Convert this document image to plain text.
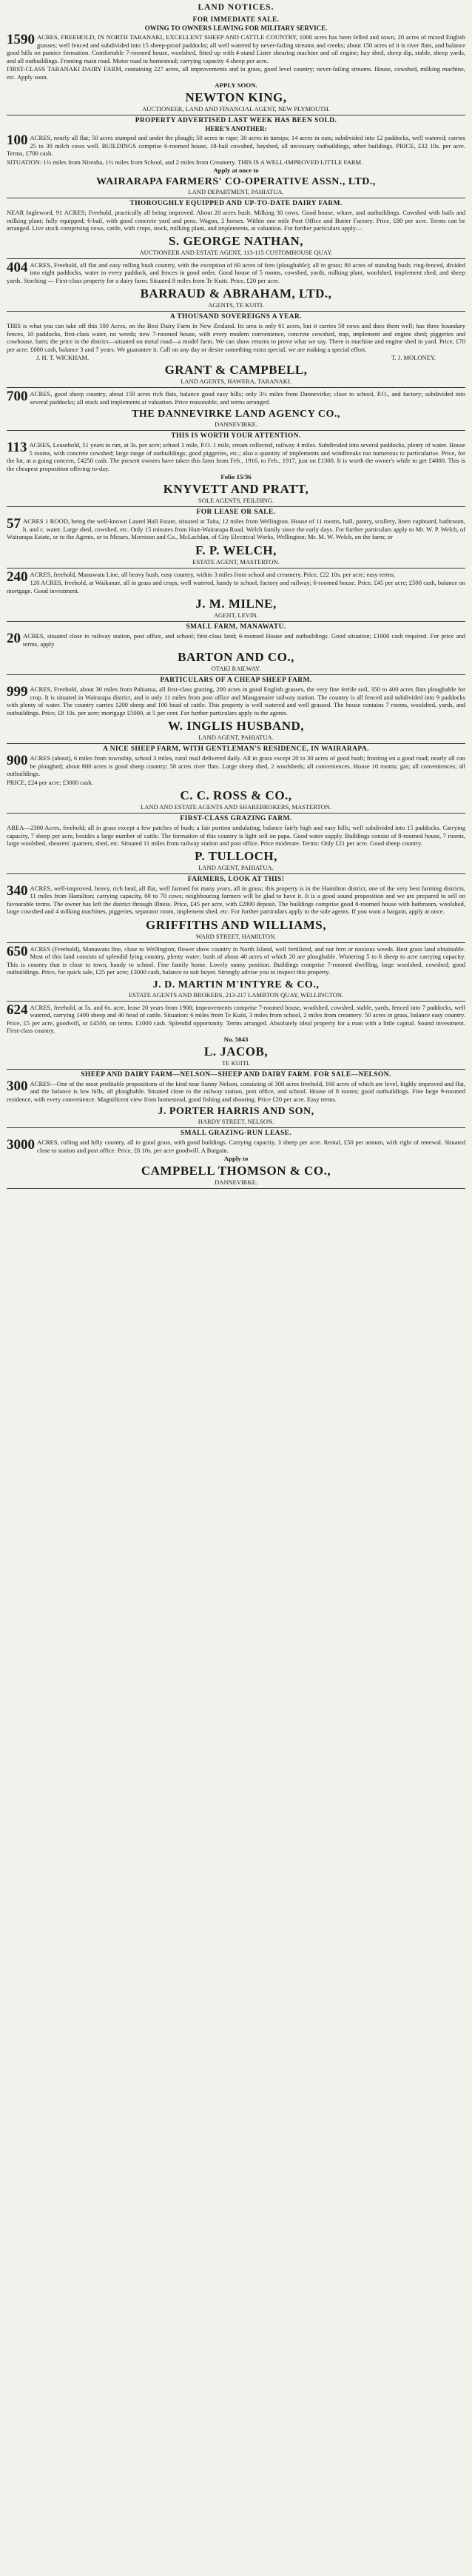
LAND NOTICES.
FOR IMMEDIATE SALE.
OWING TO OWNERS LEAVING FOR MILITARY SERVICE.
1590 ACRES, FREEHOLD, IN NORTH TARANAKI, EXCELLENT SHEEP AND CATTLE COUNTRY, 1000 acres has been felled and sown, 20 acres of mixed English grasses; well fenced and subdivided into 15 sheep-proof paddocks; all well watered by never-failing streams and creeks; about 150 acres of it is river flats, and balance good hills on pumice formation. Comfortable 7-roomed house, woolshed, fitted up with 4-stand Lister shearing machine and oil engine; hay shed, sheep dip, stable, sheep yards, and all outbuildings. Fronting main road. Motor road to homestead; carrying capacity 4 sheep per acre.
FIRST-CLASS TARANAKI DAIRY FARM, containing 227 acres, all improvements and in grass, good level country; never-failing streams. House, cowshed, milking machine, etc. Apply soon.
APPLY SOON.
NEWTON KING,
AUCTIONEER, LAND AND FINANCIAL AGENT, NEW PLYMOUTH.
PROPERTY ADVERTISED LAST WEEK HAS BEEN SOLD.
HERE'S ANOTHER:
100 ACRES, nearly all flat; 50 acres stumped and under the plough; 50 acres in rape; 30 acres in turnips; 14 acres in oats; subdivided into 12 paddocks, well watered; carries 25 to 30 milch cows well. BUILDINGS comprise 6-roomed house, 18-bail cowshed, hayshed, all necessary outbuildings, other buildings. PRICE, £32 10s. per acre. Terms, £700 cash.
SITUATION: 1½ miles from Nireaha, 1½ miles from School, and 2 miles from Creamery. THIS IS A WELL-IMPROVED LITTLE FARM.
Apply at once to
WAIRARAPA FARMERS' CO-OPERATIVE ASSN., LTD.,
LAND DEPARTMENT, PAHIATUA.
THOROUGHLY EQUIPPED AND UP-TO-DATE DAIRY FARM.
NEAR Ingleword, 91 ACRES; Freehold, practically all being improved. About 20 acres bush. Milking 30 cows. Good house, whare, and outbuildings. Cowshed with bails and milking plant; fully equipped; 6-bail, with good concrete yard and pens. Wagon, 2 horses. Within one mile Post Office and Butter Factory. Price, £80 per acre. Terms can be arranged. Live stock comprising cows, cattle, with crops, stock, milking plant, and implements, at valuation. For further particulars apply—
S. GEORGE NATHAN,
AUCTIONEER AND ESTATE AGENT, 113-115 CUSTOMHOUSE QUAY.
404 ACRES, Freehold, all flat and easy rolling bush country, with the exception of 60 acres of fern (ploughable); all in grass; 80 acres of standing bush; ring-fenced, divided into eight paddocks, water in every paddock, and fences in good order. Good house of 5 rooms, cowshed, yards, milking plant, woolshed, implement shed, and sheep yards. Stocking — First-class property for a dairy farm. Situated 8 miles from Te Kuiti. Price, £20 per acre.
BARRAUD & ABRAHAM, LTD.,
AGENTS, TE KUITI.
A THOUSAND SOVEREIGNS A YEAR.
THIS is what you can take off this 100 Acres, on the Best Dairy Farm in New Zealand. Its area is only 61 acres, but it carries 50 cows and does them well; has three boundary fences, 10 paddocks, first-class water, no weeds; new 7-roomed house, with every modern convenience, concrete cowshed, trap, implement and engine shed; piggeries and cowhouse, barn; the price in the district—situated on metal road—a model farm. We can show returns to prove what we say. There is machine and engine shed in yard. Price, £70 per acre; £600 cash, balance 3 and 7 years. We guarantee it. Call on any day or desire something extra special, we are making a special effort.
J. H. T. WICKHAM.	T. J. MOLONEY.
GRANT & CAMPBELL,
LAND AGENTS, HAWERA, TARANAKI.
700 ACRES, good sheep country, about 150 acres rich flats, balance good easy hills; only 3½ miles from Dannevirke; close to school, P.O., and factory; subdivided into several paddocks; all stock and implements at valuation. Price reasonable, and terms arranged.
THE DANNEVIRKE LAND AGENCY CO.,
DANNEVIRKE.
THIS IS WORTH YOUR ATTENTION.
113 ACRES, Leasehold, 51 years to run, at 3s. per acre; school 1 mile, P.O. 1 mile, cream collected, railway 4 miles. Subdivided into several paddocks, plenty of water. House 5 rooms, with concrete cowshed; large range of outbuildings; good piggeries, etc.; also a quantity of implements and windbreaks too numerous to particularise. Price, for the lot, at a going concern, £4250 cash. The present owners have taken this farm from Feb., 1916, to Feb., 1917, just on £1300. It is worth the owner's while to get £4000. This is the cheapest proposition offering to-day.
Folio 15/36
KNYVETT AND PRATT,
SOLE AGENTS, FEILDING.
FOR LEASE OR SALE.
57 ACRES 1 ROOD, being the well-known Laurel Hall Estate, situated at Taita, 12 miles from Wellington. House of 11 rooms, hall, pantry, scullery, linen cupboard, bathroom, h. and c. water. Large shed, cowshed, etc. Only 15 minutes from Hutt-Wairarapa Road. Welch family since the early days. For further particulars apply to Mr. W. P. Welch, of Wairarapa Estate, or to the Agents, or to Messrs. Morrison and Co., McLachlan, of City Electrical Works, Wellington; Mr. M. W. Welch, on the farm; or
F. P. WELCH,
ESTATE AGENT, MASTERTON.
240 ACRES, freehold, Manawatu Line, all heavy bush, easy country, within 3 miles from school and creamery. Price, £22 10s. per acre; easy terms.
120 ACRES, freehold, at Waikanae, all in grass and crops, well watered, handy to school, factory and railway; 6-roomed house. Price, £45 per acre; £500 cash, balance on mortgage. Good investment.
J. M. MILNE,
AGENT, LEVIN.
SMALL FARM, MANAWATU.
20 ACRES, situated close to railway station, post office, and school; first-class land; 6-roomed House and outbuildings. Good situation; £1000 cash required. For price and terms, apply
BARTON AND CO.,
OTAKI RAILWAY.
PARTICULARS OF A CHEAP SHEEP FARM.
999 ACRES, Freehold, about 30 miles from Pahiatua, all first-class grazing, 200 acres in good English grasses, the very fine fertile soil, 350 to 400 acres flats ploughable for crop. It is situated in Wairarapa district, and is only 11 miles from post office and Mangamaire railway station. The country is all fenced and subdivided into 9 paddocks with plenty of water. The country carries 1200 sheep and 100 head of cattle. This property is well watered and well grassed. The house contains 7 rooms, woolshed, yards, and outbuildings. Price, £8 10s. per acre; mortgage £5000, at 5 per cent. For further particulars apply to the agents.
W. INGLIS HUSBAND,
LAND AGENT, PAHIATUA.
A NICE SHEEP FARM, WITH GENTLEMAN'S RESIDENCE, IN WAIRARAPA.
900 ACRES (about), 6 miles from township, school 3 miles, rural mail delivered daily. All in grass except 20 to 30 acres of good bush; fronting on a good road; nearly all can be ploughed; about 800 acres is good sheep country; 50 acres river flats. Large sheep shed, 2 woolsheds; all conveniences. House 10 rooms; gas; all conveniences; all outbuildings.
PRICE, £24 per acre; £3000 cash.
C. C. ROSS & CO.,
LAND AND ESTATE AGENTS AND SHAREBROKERS, MASTERTON.
FIRST-CLASS GRAZING FARM.
AREA—2300 Acres, freehold; all in grass except a few patches of bush; a fair portion undulating, balance fairly high and easy hills; well subdivided into 15 paddocks. Carrying capacity, 7 sheep per acre, besides a large number of cattle. The formation of this country is light soil on papa. Good water supply. Buildings consist of 8-roomed house, 7 rooms, large woolshed, shearers' quarters, shed, etc. Situated 11 miles from railway station and post office. Price moderate. Terms: Only £21 per acre. Good sheep country.
P. TULLOCH,
LAND AGENT, PAHIATUA.
FARMERS, LOOK AT THIS!
340 ACRES, well-improved, heavy, rich land, all flat, well farmed for many years, all in grass; this property is in the Hamilton district, one of the very best farming districts, 11 miles from Hamilton; carrying capacity, 60 to 70 cows; neighbouring farmers will be glad to have it. It is a good sound proposition and we are prepared to sell on favourable terms. The owner has left the district through illness. Price, £45 per acre, with £2000 deposit. The buildings comprise good 8-roomed house with bathroom, woolshed, large cowshed and 4 milking machines, piggeries, separator room, implement shed, etc. For further particulars apply to the sole agents. If you want a bargain, apply at once.
GRIFFITHS AND WILLIAMS,
WARD STREET, HAMILTON.
650 ACRES (Freehold), Manawatu line, close to Wellington; flower show country in North Island, well fertilized, and not fern or noxious weeds. Best grass land obtainable. Most of this land consists of splendid lying country, plenty water; bush of about 40 acres of which 20 are ploughable. Wintering 5 to 6 sheep to acre carrying capacity. This is country that is close to town, handy to school. Fine family home. Lovely sunny position. Buildings comprise 7-roomed dwelling, large woolshed, cowshed; good outbuildings. Price, for quick sale, £25 per acre; £3000 cash, balance to suit buyer. Strongly advise you to inspect this property.
J. D. MARTIN M'INTYRE & CO.,
ESTATE AGENTS AND BROKERS, 213-217 LAMBTON QUAY, WELLINGTON.
624 ACRES, freehold, at 5s. and 6s. acre, lease 20 years from 1908; improvements comprise 7-roomed house, woolshed, cowshed, stable, yards, fenced into 7 paddocks, well watered, carrying 1400 sheep and 40 head of cattle. Situation: 6 miles from Te Kuiti, 3 miles from school, 2 miles from creamery. 50 acres in grass, balance easy country. Price, £5 per acre, goodwill, or £4500, on terms. £1000 cash. Splendid opportunity. Terms arranged. Absolutely ideal property for a man with a little capital. Sound investment. First-class country.
No. 5843
L. JACOB,
TE KUITI.
SHEEP AND DAIRY FARM—NELSON—SHEEP AND DAIRY FARM. FOR SALE—NELSON.
300 ACRES—One of the most profitable propositions of the kind near Sunny Nelson, consisting of 300 acres freehold, 160 acres of which are level, highly improved and flat, and the balance is low hills, all ploughable. Situated close to the railway station, post office, and school. House of 8 rooms; good outbuildings. Fine large 9-roomed residence, with every convenience. Magnificent view from homestead, good fishing and shooting. Price £20 per acre. Easy terms.
J. PORTER HARRIS AND SON,
HARDY STREET, NELSON.
SMALL GRAZING-RUN LEASE.
3000 ACRES, rolling and hilly country, all in good grass, with good buildings. Carrying capacity, 3 sheep per acre. Rental, £50 per annum, with right of renewal. Situated close to station and post office. Price, £6 10s. per acre goodwill. A Bargain.
Apply to
CAMPBELL THOMSON & CO.,
DANNEVIRKE.
